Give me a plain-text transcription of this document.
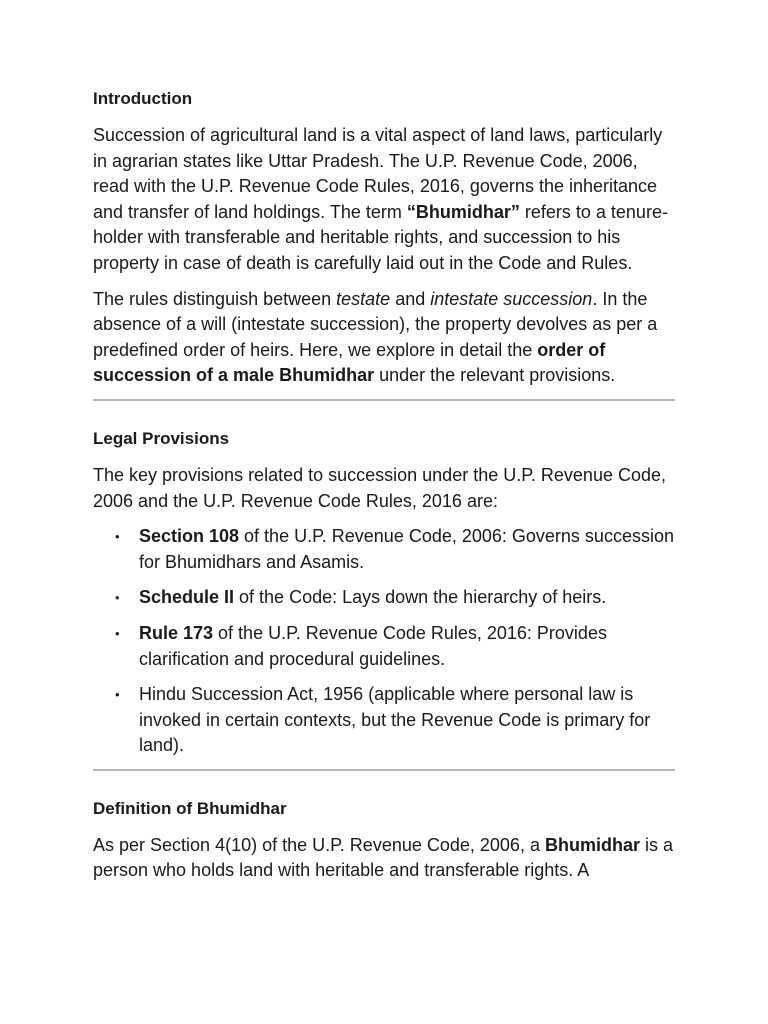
Introduction

Succession of agricultural land is a vital aspect of land laws, particularly in agrarian states like Uttar Pradesh. The U.P. Revenue Code, 2006, read with the U.P. Revenue Code Rules, 2016, governs the inheritance and transfer of land holdings. The term “Bhumidhar” refers to a tenure-holder with transferable and heritable rights, and succession to his property in case of death is carefully laid out in the Code and Rules.

The rules distinguish between testate and intestate succession. In the absence of a will (intestate succession), the property devolves as per a predefined order of heirs. Here, we explore in detail the order of succession of a male Bhumidhar under the relevant provisions.

Legal Provisions

The key provisions related to succession under the U.P. Revenue Code, 2006 and the U.P. Revenue Code Rules, 2016 are:

• Section 108 of the U.P. Revenue Code, 2006: Governs succession for Bhumidhars and Asamis.
• Schedule II of the Code: Lays down the hierarchy of heirs.
• Rule 173 of the U.P. Revenue Code Rules, 2016: Provides clarification and procedural guidelines.
• Hindu Succession Act, 1956 (applicable where personal law is invoked in certain contexts, but the Revenue Code is primary for land).
Definition of Bhumidhar

As per Section 4(10) of the U.P. Revenue Code, 2006, a Bhumidhar is a person who holds land with heritable and transferable rights. A
